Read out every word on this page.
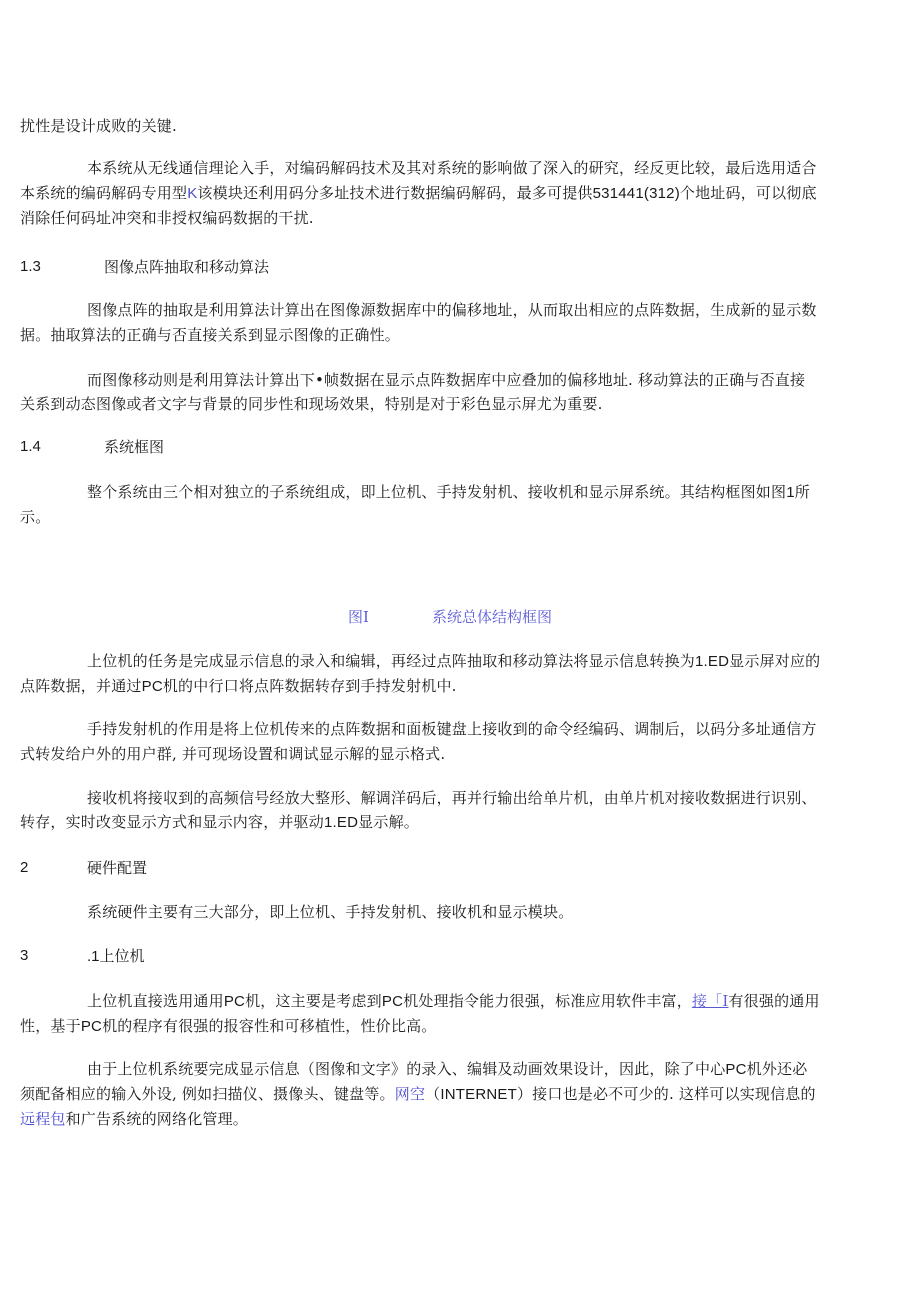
扰性是设计成败的关键.
本系统从无线通信理论入手，对编码解码技术及其对系统的影响做了深入的研究，经反更比较，最后选用适合
本系统的编码解码专用型K该模块还利用码分多址技术进行数据编码解码，最多可提供531441(312)个地址码，可以彻底
消除任何码址冲突和非授权编码数据的干扰.
1.3	图像点阵抽取和移动算法
图像点阵的抽取是利用算法计算出在图像源数据库中的偏移地址，从而取出相应的点阵数据，生成新的显示数
据。抽取算法的正确与否直接关系到显示图像的正确性。
而图像移动则是利用算法计算出下•帧数据在显示点阵数据库中应叠加的偏移地址. 移动算法的正确与否直接
关系到动态图像或者文字与背景的同步性和现场效果，特别是对于彩色显示屏尤为重要.
1.4	系统框图
整个系统由三个相对独立的子系统组成，即上位机、手持发射机、接收机和显示屏系统。其结构框图如图1所
示。
图I	系统总体结构框图
上位机的任务是完成显示信息的录入和编辑，再经过点阵抽取和移动算法将显示信息转换为1.ED显示屏对应的
点阵数据，并通过PC机的中行口将点阵数据转存到手持发射机中.
手持发射机的作用是将上位机传来的点阵数据和面板键盘上接收到的命令经编码、调制后，以码分多址通信方
式转发给户外的用户群, 并可现场设置和调试显示解的显示格式.
接收机将接収到的高频信号经放大整形、解调洋码后，再并行输出给单片机，由单片机对接收数据进行识别、
转存，实时改变显示方式和显示内容，并驱动1.ED显示解。
2	硬件配置
系统硬件主要有三大部分，即上位机、手持发射机、接收机和显示模块。
3	.1上位机
上位机直接选用通用PC机，这主要是考虑到PC机处理指令能力很强，标准应用软件丰富，接「I有很强的通用
性，基于PC机的程序有很强的报容性和可移植性，性价比高。
由于上位机系统要完成显示信息（图像和文字》的录入、编辑及动画效果设计，因此，除了中心PC机外还必
须配备相应的输入外设, 例如扫描仪、摄像头、键盘等。网空（INTERNET）接口也是必不可少的. 这样可以实现信息的
远程包和广告系统的网络化管理。
